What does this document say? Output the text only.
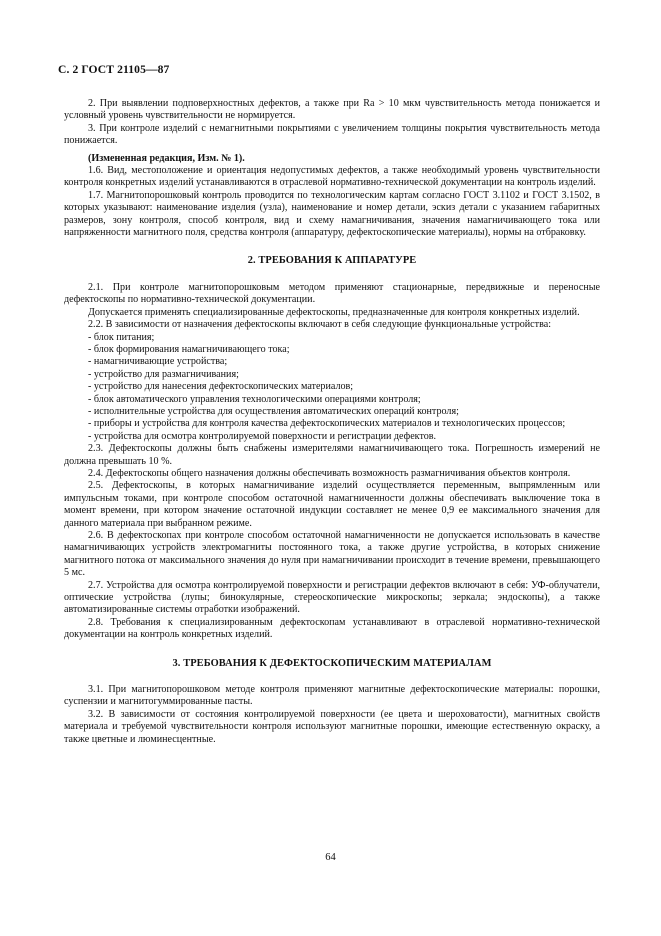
С. 2 ГОСТ 21105—87

2. При выявлении подповерхностных дефектов, а также при Ra > 10 мкм чувствительность метода понижается и условный уровень чувствительности не нормируется.

3. При контроле изделий с немагнитными покрытиями с увеличением толщины покрытия чувствительность метода понижается.

(Измененная редакция, Изм. № 1).

1.6. Вид, местоположение и ориентация недопустимых дефектов, а также необходимый уровень чувствительности контроля конкретных изделий устанавливаются в отраслевой нормативно-технической документации на контроль изделий.

1.7. Магнитопорошковый контроль проводится по технологическим картам согласно ГОСТ 3.1102 и ГОСТ 3.1502, в которых указывают: наименование изделия (узла), наименование и номер детали, эскиз детали с указанием габаритных размеров, зону контроля, способ контроля, вид и схему намагничивания, значения намагничивающего тока или напряженности магнитного поля, средства контроля (аппаратуру, дефектоскопические материалы), нормы на отбраковку.

2. ТРЕБОВАНИЯ К АППАРАТУРЕ

2.1. При контроле магнитопорошковым методом применяют стационарные, передвижные и переносные дефектоскопы по нормативно-технической документации.

Допускается применять специализированные дефектоскопы, предназначенные для контроля конкретных изделий.

2.2. В зависимости от назначения дефектоскопы включают в себя следующие функциональные устройства:

- блок питания;

- блок формирования намагничивающего тока;

- намагничивающие устройства;

- устройство для размагничивания;

- устройство для нанесения дефектоскопических материалов;

- блок автоматического управления технологическими операциями контроля;

- исполнительные устройства для осуществления автоматических операций контроля;

- приборы и устройства для контроля качества дефектоскопических материалов и технологических процессов;

- устройства для осмотра контролируемой поверхности и регистрации дефектов.

2.3. Дефектоскопы должны быть снабжены измерителями намагничивающего тока. Погрешность измерений не должна превышать 10 %.

2.4. Дефектоскопы общего назначения должны обеспечивать возможность размагничивания объектов контроля.

2.5. Дефектоскопы, в которых намагничивание изделий осуществляется переменным, выпрямленным или импульсным токами, при контроле способом остаточной намагниченности должны обеспечивать выключение тока в момент времени, при котором значение остаточной индукции составляет не менее 0,9 ее максимального значения для данного материала при выбранном режиме.

2.6. В дефектоскопах при контроле способом остаточной намагниченности не допускается использовать в качестве намагничивающих устройств электромагниты постоянного тока, а также другие устройства, в которых снижение магнитного потока от максимального значения до нуля при намагничивании происходит в течение времени, превышающего 5 мс.

2.7. Устройства для осмотра контролируемой поверхности и регистрации дефектов включают в себя: УФ-облучатели, оптические устройства (лупы; бинокулярные, стереоскопические микроскопы; зеркала; эндоскопы), а также автоматизированные системы отработки изображений.

2.8. Требования к специализированным дефектоскопам устанавливают в отраслевой нормативно-технической документации на контроль конкретных изделий.

3. ТРЕБОВАНИЯ К ДЕФЕКТОСКОПИЧЕСКИМ МАТЕРИАЛАМ

3.1. При магнитопорошковом методе контроля применяют магнитные дефектоскопические материалы: порошки, суспензии и магнитогуммированные пасты.

3.2. В зависимости от состояния контролируемой поверхности (ее цвета и шероховатости), магнитных свойств материала и требуемой чувствительности контроля используют магнитные порошки, имеющие естественную окраску, а также цветные и люминесцентные.

64
